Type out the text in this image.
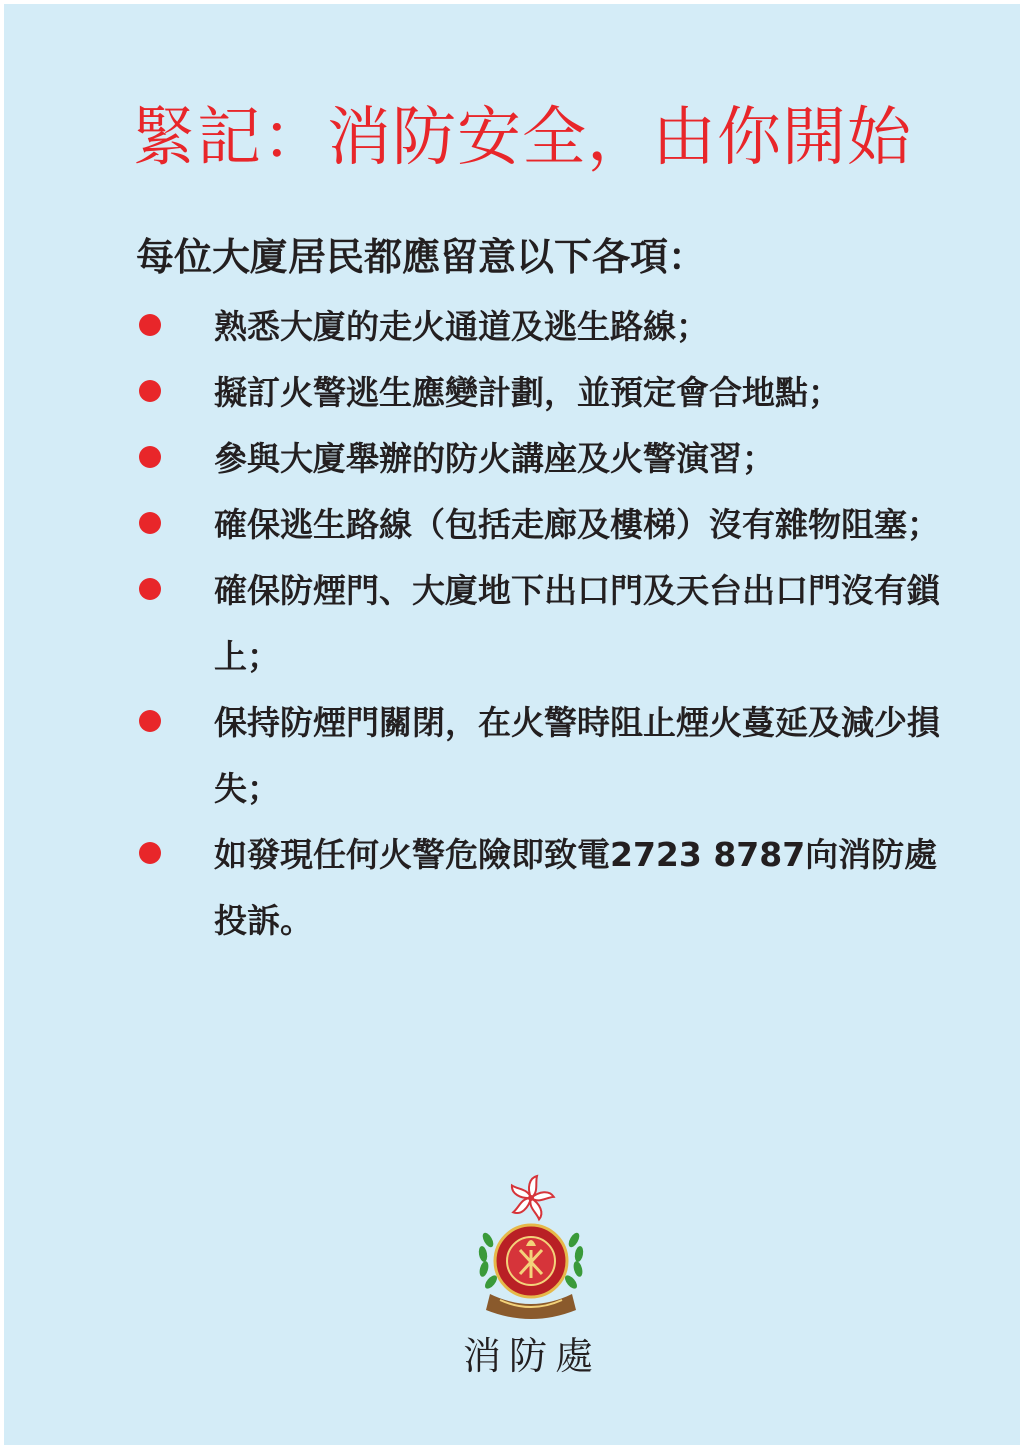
緊記：消防安全，由你開始
每位大廈居民都應留意以下各項：
熟悉大廈的走火通道及逃生路線；
擬訂火警逃生應變計劃，並預定會合地點；
參與大廈舉辦的防火講座及火警演習；
確保逃生路線（包括走廊及樓梯）沒有雜物阻塞；
確保防煙門、大廈地下出口門及天台出口門沒有鎖上；
保持防煙門關閉，在火警時阻止煙火蔓延及減少損失；
如發現任何火警危險即致電2723 8787向消防處投訴。
消防處
